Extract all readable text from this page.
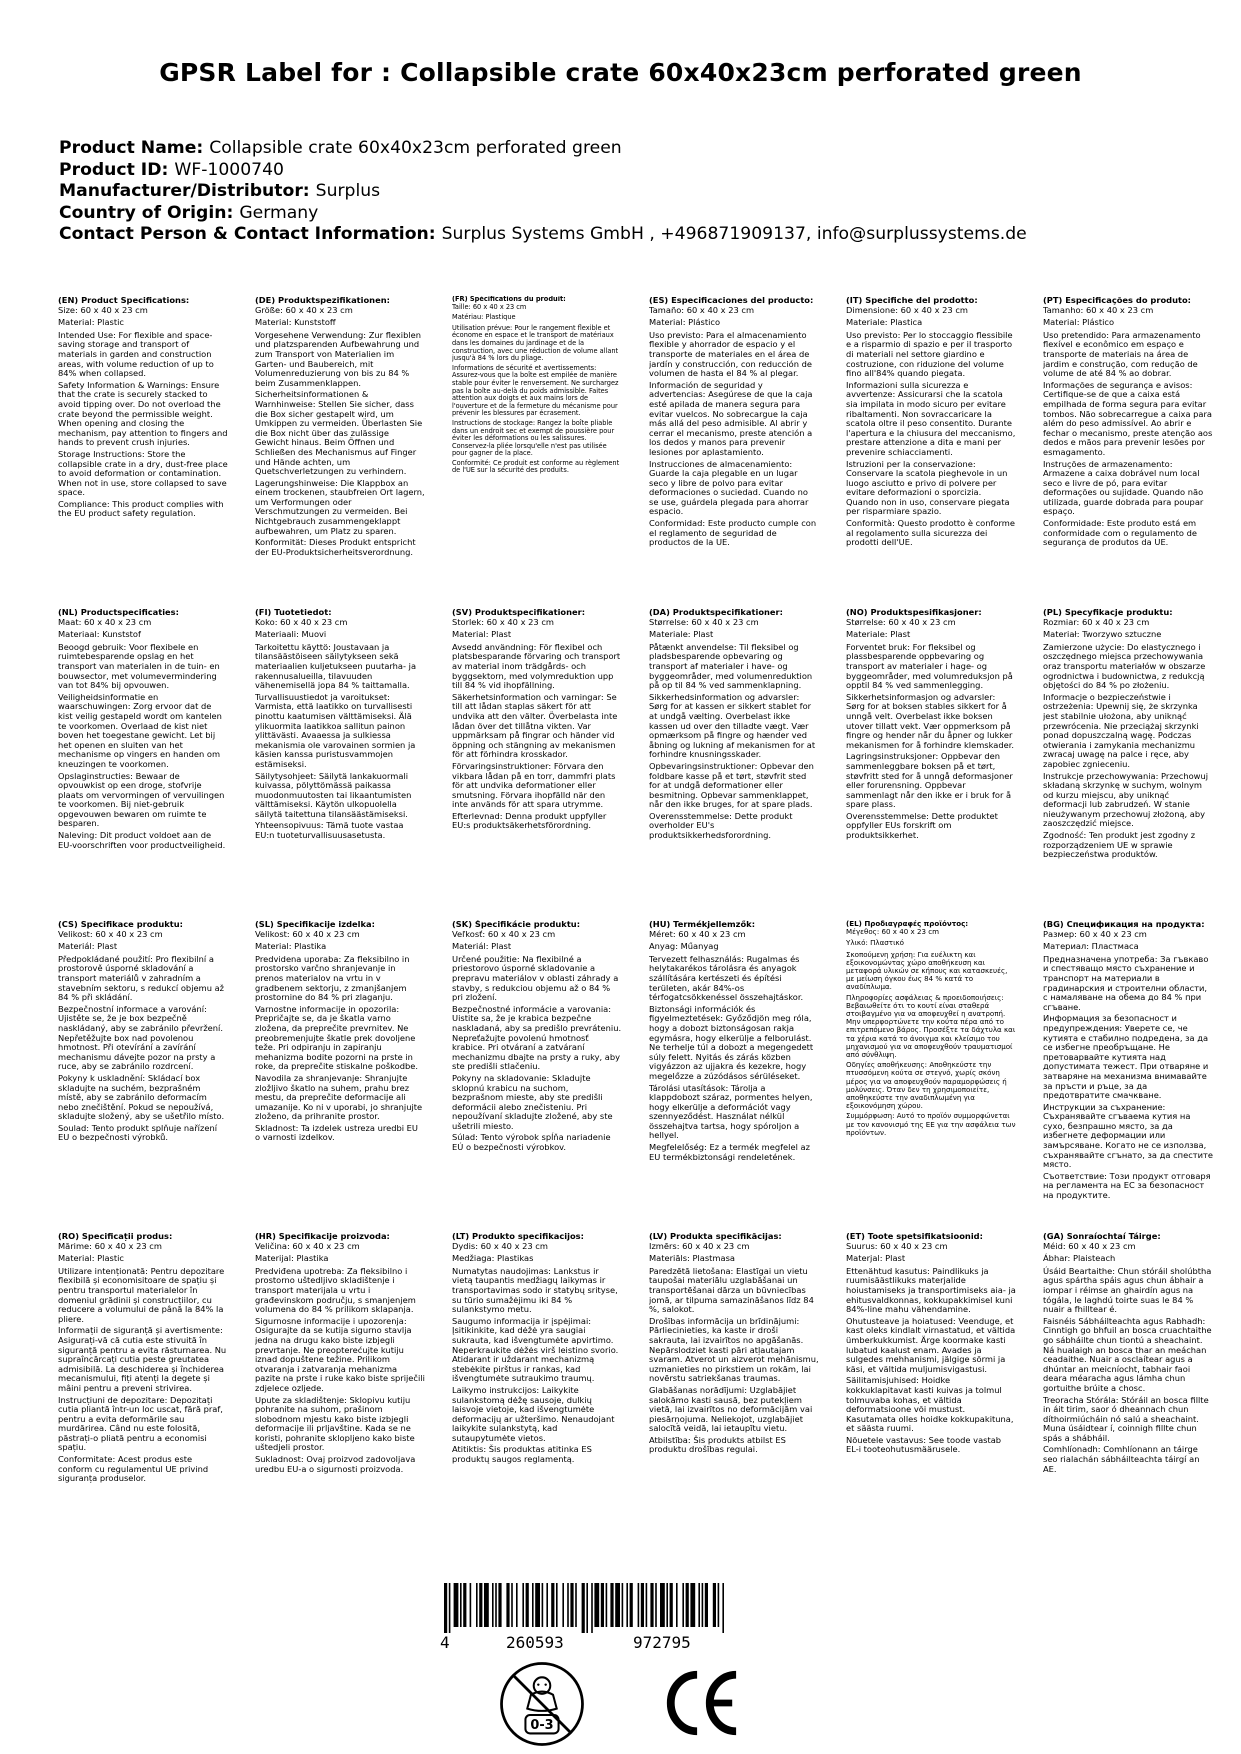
GPSR Label for : Collapsible crate 60x40x23cm perforated green
Product Name: Collapsible crate 60x40x23cm perforated green
Product ID: WF-1000740
Manufacturer/Distributor: Surplus
Country of Origin: Germany
Contact Person & Contact Information: Surplus Systems GmbH , +496871909137, info@surplussystems.de

(EN) Product Specifications:

Size: 60 x 40 x 23 cm

Material: Plastic

Intended Use: For flexible and space-saving storage and transport of materials in garden and construction areas, with volume reduction of up to 84% when collapsed.

Safety Information & Warnings: Ensure that the crate is securely stacked to avoid tipping over. Do not overload the crate beyond the permissible weight. When opening and closing the mechanism, pay attention to fingers and hands to prevent crush injuries.

Storage Instructions: Store the collapsible crate in a dry, dust-free place to avoid deformation or contamination. When not in use, store collapsed to save space.

Compliance: This product complies with the EU product safety regulation.

(DE) Produktspezifikationen:

Größe: 60 x 40 x 23 cm

Material: Kunststoff

Vorgesehene Verwendung: Zur flexiblen und platzsparenden Aufbewahrung und zum Transport von Materialien im Garten- und Baubereich, mit Volumenreduzierung von bis zu 84 % beim Zusammenklappen.

Sicherheitsinformationen & Warnhinweise: Stellen Sie sicher, dass die Box sicher gestapelt wird, um Umkippen zu vermeiden. Überlasten Sie die Box nicht über das zulässige Gewicht hinaus. Beim Öffnen und Schließen des Mechanismus auf Finger und Hände achten, um Quetschverletzungen zu verhindern.

Lagerungshinweise: Die Klappbox an einem trockenen, staubfreien Ort lagern, um Verformungen oder Verschmutzungen zu vermeiden. Bei Nichtgebrauch zusammengeklappt aufbewahren, um Platz zu sparen.

Konformität: Dieses Produkt entspricht der EU-Produktsicherheitsverordnung.

(FR) Spécifications du produit:

Taille: 60 x 40 x 23 cm

Matériau: Plastique

Utilisation prévue: Pour le rangement flexible et économe en espace et le transport de matériaux dans les domaines du jardinage et de la construction, avec une réduction de volume allant jusqu'à 84 % lors du pliage.

Informations de sécurité et avertissements: Assurez-vous que la boîte est empilée de manière stable pour éviter le renversement. Ne surchargez pas la boîte au-delà du poids admissible. Faites attention aux doigts et aux mains lors de l'ouverture et de la fermeture du mécanisme pour prévenir les blessures par écrasement.

Instructions de stockage: Rangez la boîte pliable dans un endroit sec et exempt de poussière pour éviter les déformations ou les salissures. Conservez-la pliée lorsqu'elle n'est pas utilisée pour gagner de la place.

Conformité: Ce produit est conforme au règlement de l'UE sur la sécurité des produits.

(ES) Especificaciones del producto:

Tamaño: 60 x 40 x 23 cm

Material: Plástico

Uso previsto: Para el almacenamiento flexible y ahorrador de espacio y el transporte de materiales en el área de jardín y construcción, con reducción de volumen de hasta el 84 % al plegar.

Información de seguridad y advertencias: Asegúrese de que la caja esté apilada de manera segura para evitar vuelcos. No sobrecargue la caja más allá del peso admisible. Al abrir y cerrar el mecanismo, preste atención a los dedos y manos para prevenir lesiones por aplastamiento.

Instrucciones de almacenamiento: Guarde la caja plegable en un lugar seco y libre de polvo para evitar deformaciones o suciedad. Cuando no se use, guárdela plegada para ahorrar espacio.

Conformidad: Este producto cumple con el reglamento de seguridad de productos de la UE.

(IT) Specifiche del prodotto:

Dimensione: 60 x 40 x 23 cm

Materiale: Plastica

Uso previsto: Per lo stoccaggio flessibile e a risparmio di spazio e per il trasporto di materiali nel settore giardino e costruzione, con riduzione del volume fino all'84% quando piegata.

Informazioni sulla sicurezza e avvertenze: Assicurarsi che la scatola sia impilata in modo sicuro per evitare ribaltamenti. Non sovraccaricare la scatola oltre il peso consentito. Durante l'apertura e la chiusura del meccanismo, prestare attenzione a dita e mani per prevenire schiacciamenti.

Istruzioni per la conservazione: Conservare la scatola pieghevole in un luogo asciutto e privo di polvere per evitare deformazioni o sporcizia. Quando non in uso, conservare piegata per risparmiare spazio.

Conformità: Questo prodotto è conforme al regolamento sulla sicurezza dei prodotti dell'UE.

(PT) Especificações do produto:

Tamanho: 60 x 40 x 23 cm

Material: Plástico

Uso pretendido: Para armazenamento flexível e econômico em espaço e transporte de materiais na área de jardim e construção, com redução de volume de até 84 % ao dobrar.

Informações de segurança e avisos: Certifique-se de que a caixa está empilhada de forma segura para evitar tombos. Não sobrecarregue a caixa para além do peso admissível. Ao abrir e fechar o mecanismo, preste atenção aos dedos e mãos para prevenir lesões por esmagamento.

Instruções de armazenamento: Armazene a caixa dobrável num local seco e livre de pó, para evitar deformações ou sujidade. Quando não utilizada, guarde dobrada para poupar espaço.

Conformidade: Este produto está em conformidade com o regulamento de segurança de produtos da UE.

(NL) Productspecificaties:

Maat: 60 x 40 x 23 cm

Materiaal: Kunststof

Beoogd gebruik: Voor flexibele en ruimtebesparende opslag en het transport van materialen in de tuin- en bouwsector, met volumevermindering van tot 84% bij opvouwen.

Veiligheidsinformatie en waarschuwingen: Zorg ervoor dat de kist veilig gestapeld wordt om kantelen te voorkomen. Overlaad de kist niet boven het toegestane gewicht. Let bij het openen en sluiten van het mechanisme op vingers en handen om kneuzingen te voorkomen.

Opslaginstructies: Bewaar de opvouwkist op een droge, stofvrije plaats om vervormingen of vervuilingen te voorkomen. Bij niet-gebruik opgevouwen bewaren om ruimte te besparen.

Naleving: Dit product voldoet aan de EU-voorschriften voor productveiligheid.

(FI) Tuotetiedot:

Koko: 60 x 40 x 23 cm

Materiaali: Muovi

Tarkoitettu käyttö: Joustavaan ja tilansäästöiseen säilytykseen sekä materiaalien kuljetukseen puutarha- ja rakennusalueilla, tilavuuden vähenemisellä jopa 84 % taittamalla.

Turvallisuustiedot ja varoitukset: Varmista, että laatikko on turvallisesti pinottu kaatumisen välttämiseksi. Älä ylikuormita laatikkoa sallitun painon ylittävästi. Avaaessa ja sulkiessa mekanismia ole varovainen sormien ja käsien kanssa puristusvammojen estämiseksi.

Säilytysohjeet: Säilytä lankakuormali kuivassa, pölyttömässä paikassa muodonmuutosten tai likaantumisten välttämiseksi. Käytön ulkopuolella säilytä taitettuna tilansäästämiseksi.

Yhteensopivuus: Tämä tuote vastaa EU:n tuoteturvallisuusasetusta.

(SV) Produktspecifikationer:

Storlek: 60 x 40 x 23 cm

Material: Plast

Avsedd användning: För flexibel och platsbesparande förvaring och transport av material inom trädgårds- och byggsektorn, med volymreduktion upp till 84 % vid ihopfällning.

Säkerhetsinformation och varningar: Se till att lådan staplas säkert för att undvika att den välter. Överbelasta inte lådan över det tillåtna vikten. Var uppmärksam på fingrar och händer vid öppning och stängning av mekanismen för att förhindra krosskador.

Förvaringsinstruktioner: Förvara den vikbara lådan på en torr, dammfri plats för att undvika deformationer eller smutsning. Förvara ihopfälld när den inte används för att spara utrymme.

Efterlevnad: Denna produkt uppfyller EU:s produktsäkerhetsförordning.

(DA) Produktspecifikationer:

Størrelse: 60 x 40 x 23 cm

Materiale: Plast

Påtænkt anvendelse: Til fleksibel og pladsbesparende opbevaring og transport af materialer i have- og byggeområder, med volumenreduktion på op til 84 % ved sammenklapning.

Sikkerhedsinformation og advarsler: Sørg for at kassen er sikkert stablet for at undgå vælting. Overbelast ikke kassen ud over den tilladte vægt. Vær opmærksom på fingre og hænder ved åbning og lukning af mekanismen for at forhindre knusningsskader.

Opbevaringsinstruktioner: Opbevar den foldbare kasse på et tørt, støvfrit sted for at undgå deformationer eller besmitning. Opbevar sammenklappet, når den ikke bruges, for at spare plads.

Overensstemmelse: Dette produkt overholder EU's produktsikkerhedsforordning.

(NO) Produktspesifikasjoner:

Størrelse: 60 x 40 x 23 cm

Materiale: Plast

Forventet bruk: For fleksibel og plassbesparende oppbevaring og transport av materialer i hage- og byggeområder, med volumreduksjon på opptil 84 % ved sammenlegging.

Sikkerhetsinformasjon og advarsler: Sørg for at boksen stables sikkert for å unngå velt. Overbelast ikke boksen utover tillatt vekt. Vær oppmerksom på fingre og hender når du åpner og lukker mekanismen for å forhindre klemskader.

Lagringsinstruksjoner: Oppbevar den sammenleggbare boksen på et tørt, støvfritt sted for å unngå deformasjoner eller forurensning. Oppbevar sammenlagt når den ikke er i bruk for å spare plass.

Overensstemmelse: Dette produktet oppfyller EUs forskrift om produktsikkerhet.

(PL) Specyfikacje produktu:

Rozmiar: 60 x 40 x 23 cm

Materiał: Tworzywo sztuczne

Zamierzone użycie: Do elastycznego i oszczędnego miejsca przechowywania oraz transportu materiałów w obszarze ogrodnictwa i budownictwa, z redukcją objętości do 84 % po złożeniu.

Informacje o bezpieczeństwie i ostrzeżenia: Upewnij się, że skrzynka jest stabilnie ułożona, aby uniknąć przewrócenia. Nie przeciążaj skrzynki ponad dopuszczalną wagę. Podczas otwierania i zamykania mechanizmu zwracaj uwagę na palce i ręce, aby zapobiec zgnieceniu.

Instrukcje przechowywania: Przechowuj składaną skrzynkę w suchym, wolnym od kurzu miejscu, aby uniknąć deformacji lub zabrudzeń. W stanie nieużywanym przechowuj złożoną, aby zaoszczędzić miejsce.

Zgodność: Ten produkt jest zgodny z rozporządzeniem UE w sprawie bezpieczeństwa produktów.

(CS) Specifikace produktu:

Velikost: 60 x 40 x 23 cm

Materiál: Plast

Předpokládané použití: Pro flexibilní a prostorově úsporné skladování a transport materiálů v zahradním a stavebním sektoru, s redukcí objemu až 84 % při skládání.

Bezpečnostní informace a varování: Ujistěte se, že je box bezpečně naskládaný, aby se zabránilo převržení. Nepřetěžujte box nad povolenou hmotnost. Při otevírání a zavírání mechanismu dávejte pozor na prsty a ruce, aby se zabránilo rozdrcení.

Pokyny k uskladnění: Skládací box skladujte na suchém, bezprašném místě, aby se zabránilo deformacím nebo znečištění. Pokud se nepoužívá, skladujte složený, aby se ušetřilo místo.

Soulad: Tento produkt splňuje nařízení EU o bezpečnosti výrobků.

(SL) Specifikacije izdelka:

Velikost: 60 x 40 x 23 cm

Material: Plastika

Predvidena uporaba: Za fleksibilno in prostorsko varčno shranjevanje in prenos materialov na vrtu in v gradbenem sektorju, z zmanjšanjem prostornine do 84 % pri zlaganju.

Varnostne informacije in opozorila: Prepričajte se, da je škatla varno zložena, da preprečite prevrnitev. Ne preobremenjujte škatle prek dovoljene teže. Pri odpiranju in zapiranju mehanizma bodite pozorni na prste in roke, da preprečite stiskalne poškodbe.

Navodila za shranjevanje: Shranjujte zložljivo škatlo na suhem, prahu brez mestu, da preprečite deformacije ali umazanije. Ko ni v uporabi, jo shranjujte zloženo, da prihranite prostor.

Skladnost: Ta izdelek ustreza uredbi EU o varnosti izdelkov.

(SK) Špecifikácie produktu:

Veľkosť: 60 x 40 x 23 cm

Materiál: Plast

Určené použitie: Na flexibilné a priestorovo úsporné skladovanie a prepravu materiálov v oblasti záhrady a stavby, s redukciou objemu až o 84 % pri zložení.

Bezpečnostné informácie a varovania: Uistite sa, že je krabica bezpečne naskladaná, aby sa predišlo prevráteniu. Nepreťažujte povolenú hmotnosť krabice. Pri otváraní a zatváraní mechanizmu dbajte na prsty a ruky, aby ste predišli stlačeniu.

Pokyny na skladovanie: Skladujte sklopnú krabicu na suchom, bezprašnom mieste, aby ste predišli deformácii alebo znečisteniu. Pri nepoužívaní skladujte zložené, aby ste ušetrili miesto.

Súlad: Tento výrobok spĺňa nariadenie EÚ o bezpečnosti výrobkov.

(HU) Termékjellemzők:

Méret: 60 x 40 x 23 cm

Anyag: Műanyag

Tervezett felhasználás: Rugalmas és helytakarékos tárolásra és anyagok szállítására kertészeti és építési területen, akár 84%-os térfogatcsökkenéssel összehajtáskor.

Biztonsági információk és figyelmeztetések: Győződjön meg róla, hogy a dobozt biztonságosan rakja egymásra, hogy elkerülje a felborulást. Ne terhelje túl a dobozt a megengedett súly felett. Nyitás és zárás közben vigyázzon az ujjakra és kezekre, hogy megelőzze a zúzódásos sérüléseket.

Tárolási utasítások: Tárolja a klappdobozt száraz, pormentes helyen, hogy elkerülje a deformációt vagy szennyeződést. Használat nélkül összehajtva tartsa, hogy spóroljon a hellyel.

Megfelelőség: Ez a termék megfelel az EU termékbiztonsági rendeletének.

(EL) Προδιαγραφές προϊόντος:

Μέγεθος: 60 x 40 x 23 cm

Υλικό: Πλαστικό

Σκοπούμενη χρήση: Για ευέλικτη και εξοικονομώντας χώρο αποθήκευση και μεταφορά υλικών σε κήπους και κατασκευές, με μείωση όγκου έως 84 % κατά το αναδίπλωμα.

Πληροφορίες ασφάλειας & προειδοποιήσεις: Βεβαιωθείτε ότι το κουτί είναι σταθερά στοιβαγμένο για να αποφευχθεί η ανατροπή. Μην υπερφορτώνετε την κούτα πέρα από το επιτρεπόμενο βάρος. Προσέξτε τα δάχτυλα και τα χέρια κατά το άνοιγμα και κλείσιμο του μηχανισμού για να αποφευχθούν τραυματισμοί από σύνθλιψη.

Οδηγίες αποθήκευσης: Αποθηκεύστε την πτυσσόμενη κούτα σε στεγνό, χωρίς σκόνη μέρος για να αποφευχθούν παραμορφώσεις ή μολύνσεις. Όταν δεν τη χρησιμοποιείτε, αποθηκεύστε την αναδιπλωμένη για εξοικονόμηση χώρου.

Συμμόρφωση: Αυτό το προϊόν συμμορφώνεται με τον κανονισμό της ΕΕ για την ασφάλεια των προϊόντων.

(BG) Спецификация на продукта:

Размер: 60 x 40 x 23 cm

Материал: Пластмаса

Предназначена употреба: За гъвкаво и спестяващо място съхранение и транспорт на материали в градинарския и строителни области, с намаляване на обема до 84 % при сгъване.

Информация за безопасност и предупреждения: Уверете се, че кутията е стабилно подредена, за да се избегне преобръщане. Не претоварвайте кутията над допустимата тежест. При отваряне и затваряне на механизма внимавайте за пръсти и ръце, за да предотвратите смачкване.

Инструкции за съхранение: Съхранявайте сгъваема кутия на сухо, безпрашно място, за да избегнете деформации или замърсяване. Когато не се използва, съхранявайте сгънато, за да спестите място.

Съответствие: Този продукт отговаря на регламента на ЕС за безопасност на продуктите.

(RO) Specificații produs:

Mărime: 60 x 40 x 23 cm

Material: Plastic

Utilizare intenționată: Pentru depozitare flexibilă și economisitoare de spațiu și pentru transportul materialelor în domeniul grădinii și construcțiilor, cu reducere a volumului de până la 84% la pliere.

Informații de siguranță și avertismente: Asigurați-vă că cutia este stivuită în siguranță pentru a evita răsturnarea. Nu supraîncărcați cutia peste greutatea admisibilă. La deschiderea și închiderea mecanismului, fiți atenți la degete și mâini pentru a preveni strivirea.

Instrucțiuni de depozitare: Depozitați cutia pliantă într-un loc uscat, fără praf, pentru a evita deformările sau murdărirea. Când nu este folosită, păstrați-o pliată pentru a economisi spațiu.

Conformitate: Acest produs este conform cu regulamentul UE privind siguranța produselor.

(HR) Specifikacije proizvoda:

Veličina: 60 x 40 x 23 cm

Materijal: Plastika

Predviđena upotreba: Za fleksibilno i prostorno uštedljivo skladištenje i transport materijala u vrtu i građevinskom području, s smanjenjem volumena do 84 % prilikom sklapanja.

Sigurnosne informacije i upozorenja: Osigurajte da se kutija sigurno stavlja jedna na drugu kako biste izbjegli prevrtanje. Ne preopterećujte kutiju iznad dopuštene težine. Prilikom otvaranja i zatvaranja mehanizma pazite na prste i ruke kako biste spriječili zdjelece ozljede.

Upute za skladištenje: Sklopivu kutiju pohranite na suhom, prašinom slobodnom mjestu kako biste izbjegli deformacije ili prljavštine. Kada se ne koristi, pohranite sklopljeno kako biste uštedjeli prostor.

Sukladnost: Ovaj proizvod zadovoljava uredbu EU-a o sigurnosti proizvoda.

(LT) Produkto specifikacijos:

Dydis: 60 x 40 x 23 cm

Medžiaga: Plastikas

Numatytas naudojimas: Lankstus ir vietą taupantis medžiagų laikymas ir transportavimas sodo ir statybų srityse, su tūrio sumažėjimu iki 84 % sulankstymo metu.

Saugumo informacija ir įspėjimai: Įsitikinkite, kad dėžė yra saugiai sukrauta, kad išvengtumėte apvirtimo. Neperkraukite dėžės virš leistino svorio. Atidarant ir uždarant mechanizmą stebėkite pirštus ir rankas, kad išvengtumėte sutraukimo traumų.

Laikymo instrukcijos: Laikykite sulankstomą dėžę sausoje, dulkių laisvoje vietoje, kad išvengtumėte deformacijų ar užteršimo. Nenaudojant laikykite sulankstytą, kad sutaupytumėte vietos.

Atitiktis: Šis produktas atitinka ES produktų saugos reglamentą.

(LV) Produkta specifikācijas:

Izmērs: 60 x 40 x 23 cm

Materiāls: Plastmasa

Paredzētā lietošana: Elastīgai un vietu taupošai materiālu uzglabāšanai un transportēšanai dārza un būvniecības jomā, ar tilpuma samazināšanos līdz 84 %, salokot.

Drošības informācija un brīdinājumi: Pārliecinieties, ka kaste ir droši sakrauta, lai izvairītos no apgāšanās. Nepārslodziet kasti pāri atļautajam svaram. Atverot un aizverot mehānismu, uzmanieties no pirkstiem un rokām, lai novērstu satriekšanas traumas.

Glabāšanas norādījumi: Uzglabājiet salokāmo kasti sausā, bez putekļiem vietā, lai izvairītos no deformācijām vai piesārņojuma. Neliekojot, uzglabājiet salocītā veidā, lai ietaupītu vietu.

Atbilstība: Šis produkts atbilst ES produktu drošības regulai.

(ET) Toote spetsifikatsioonid:

Suurus: 60 x 40 x 23 cm

Materjal: Plast

Ettenähtud kasutus: Paindlikuks ja ruumisäästlikuks materjalide hoiustamiseks ja transportimiseks aia- ja ehitusvaldkonnas, kokkupakkimisel kuni 84%-line mahu vähendamine.

Ohutusteave ja hoiatused: Veenduge, et kast oleks kindlalt virnastatud, et vältida ümberkukkumist. Ärge koormake kasti lubatud kaalust enam. Avades ja sulgedes mehhanismi, jälgige sõrmi ja käsi, et vältida muljumisvigastusi.

Säilitamisjuhised: Hoidke kokkuklapitavat kasti kuivas ja tolmul tolmuvaba kohas, et vältida deformatsioone või mustust. Kasutamata olles hoidke kokkupakituna, et säästa ruumi.

Nõuetele vastavus: See toode vastab EL-i tooteohutusmäärusele.

(GA) Sonraíochtaí Táirge:

Méid: 60 x 40 x 23 cm

Ábhar: Plaisteach

Úsáid Beartaithe: Chun stóráil sholúbtha agus spártha spáis agus chun ábhair a iompar i réimse an ghairdín agus na tógála, le laghdú toirte suas le 84 % nuair a fhilltear é.

Faisnéis Sábháilteachta agus Rabhadh: Cinntigh go bhfuil an bosca cruachtaithe go sábháilte chun tiontú a sheachaint. Ná hualaigh an bosca thar an meáchan ceadaithe. Nuair a osclaítear agus a dhúntar an meicníocht, tabhair faoi deara méaracha agus lámha chun gortuithe brúite a chosc.

Treoracha Stórála: Stóráil an bosca fillte in áit tirim, saor ó dheannach chun díthoirmiúcháin nó salú a sheachaint. Muna úsáidtear í, coinnigh fillte chun spás a shábháil.

Comhlíonadh: Comhlíonann an táirge seo rialachán sábháilteachta táirgí an AE.

4	260593	972795
0-3
